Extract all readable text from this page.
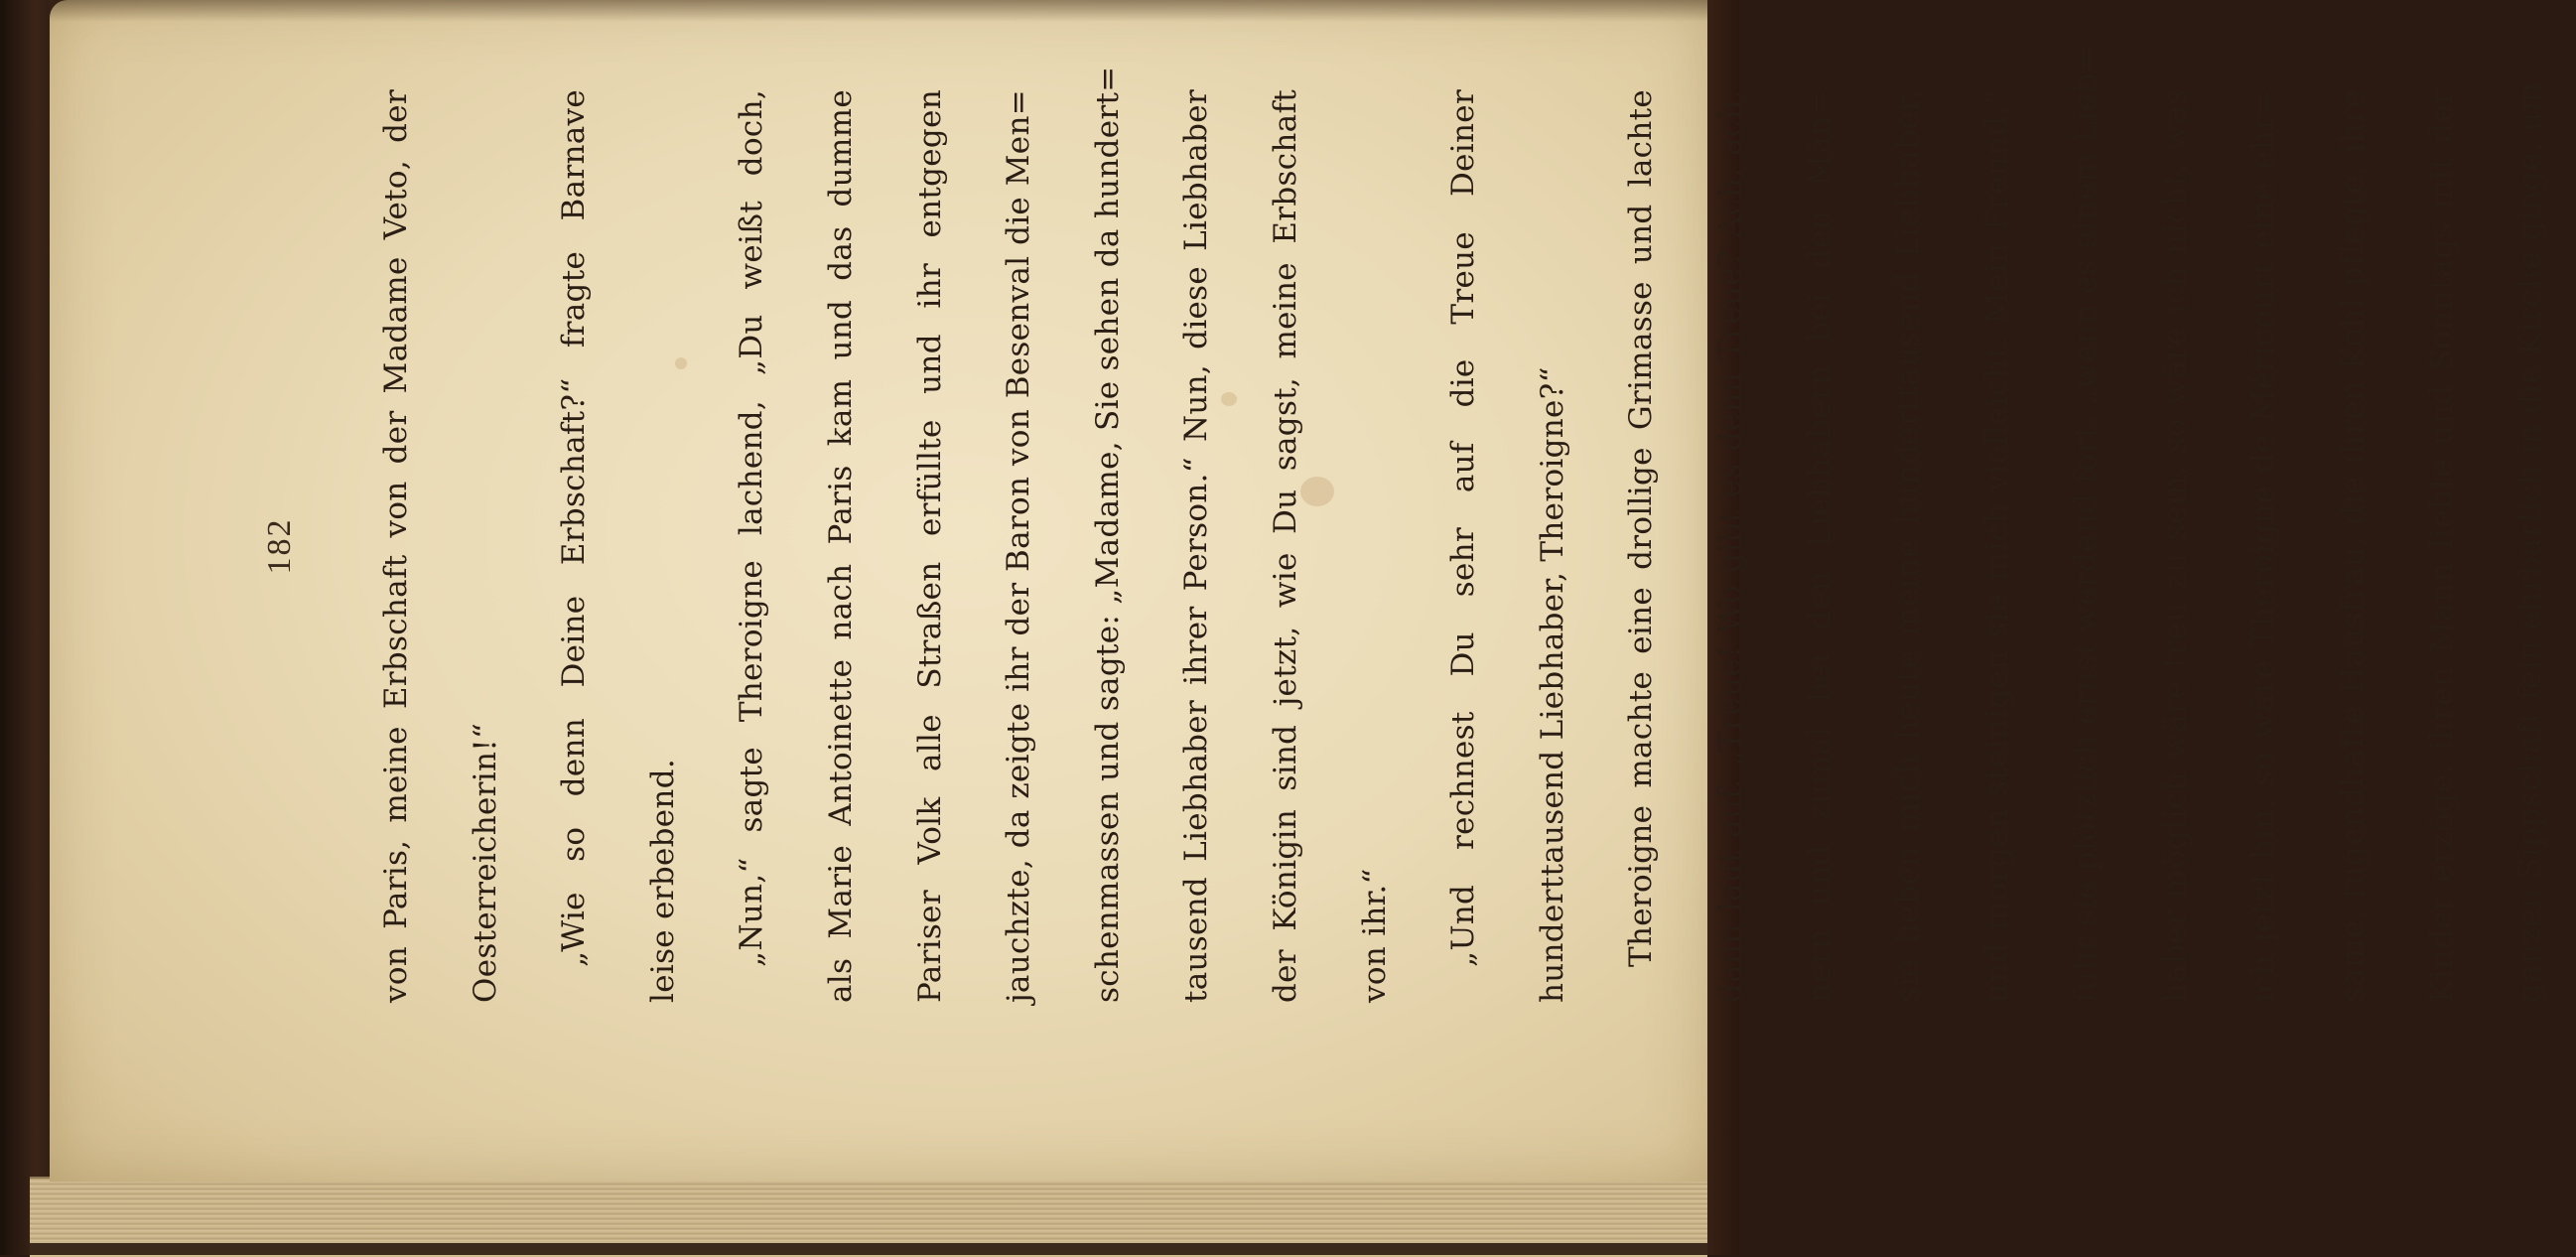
182	von Paris, meine Erbschaft von der Madame Veto, der	Oesterreicherin!“	„Wie so denn Deine Erbschaft?“ fragte Barnave	leise erbebend.	„Nun,“ sagte Theroigne lachend, „Du weißt doch,	als Marie Antoinette nach Paris kam und das dumme	Pariser Volk alle Straßen erfüllte und ihr entgegen	jauchzte, da zeigte ihr der Baron von Besenval die Men=	schenmassen und sagte: „Madame, Sie sehen da hundert=	tausend Liebhaber ihrer Person.“ Nun, diese Liebhaber	der Königin sind jetzt, wie Du sagst, meine Erbschaft	von ihr.“	„Und rechnest Du sehr auf die Treue Deiner	hunderttausend Liebhaber, Theroigne?“	Theroigne machte eine drollige Grimasse und lachte	dann laut auf. „Treue! Wo gibt es denn Treue? Ach, ach,	nern und zumal bei den Liebhabern bei den Män=	sie lieben mich heute meine hunderttausend Liebhaber,	und morgen steinigen sie mich vielleicht. Mein Freund,“	fuhr sie plötzlich ernst werdend fort, „wenn es einem Lieb=	haber möglich wäre treu zu sein, so wäre ich nicht, was	ich jetzt bin, so wäre Theroigne de Méricourt eine ehr=	same, tugendhafte Hausfrau, die ihren Kohl pflegte, ihre	Kinder erzöge, ihren Mann liebte und Sonntags mit der	ganzen Sippschaft fein ehrbarlich in die Kirche ginge, um
